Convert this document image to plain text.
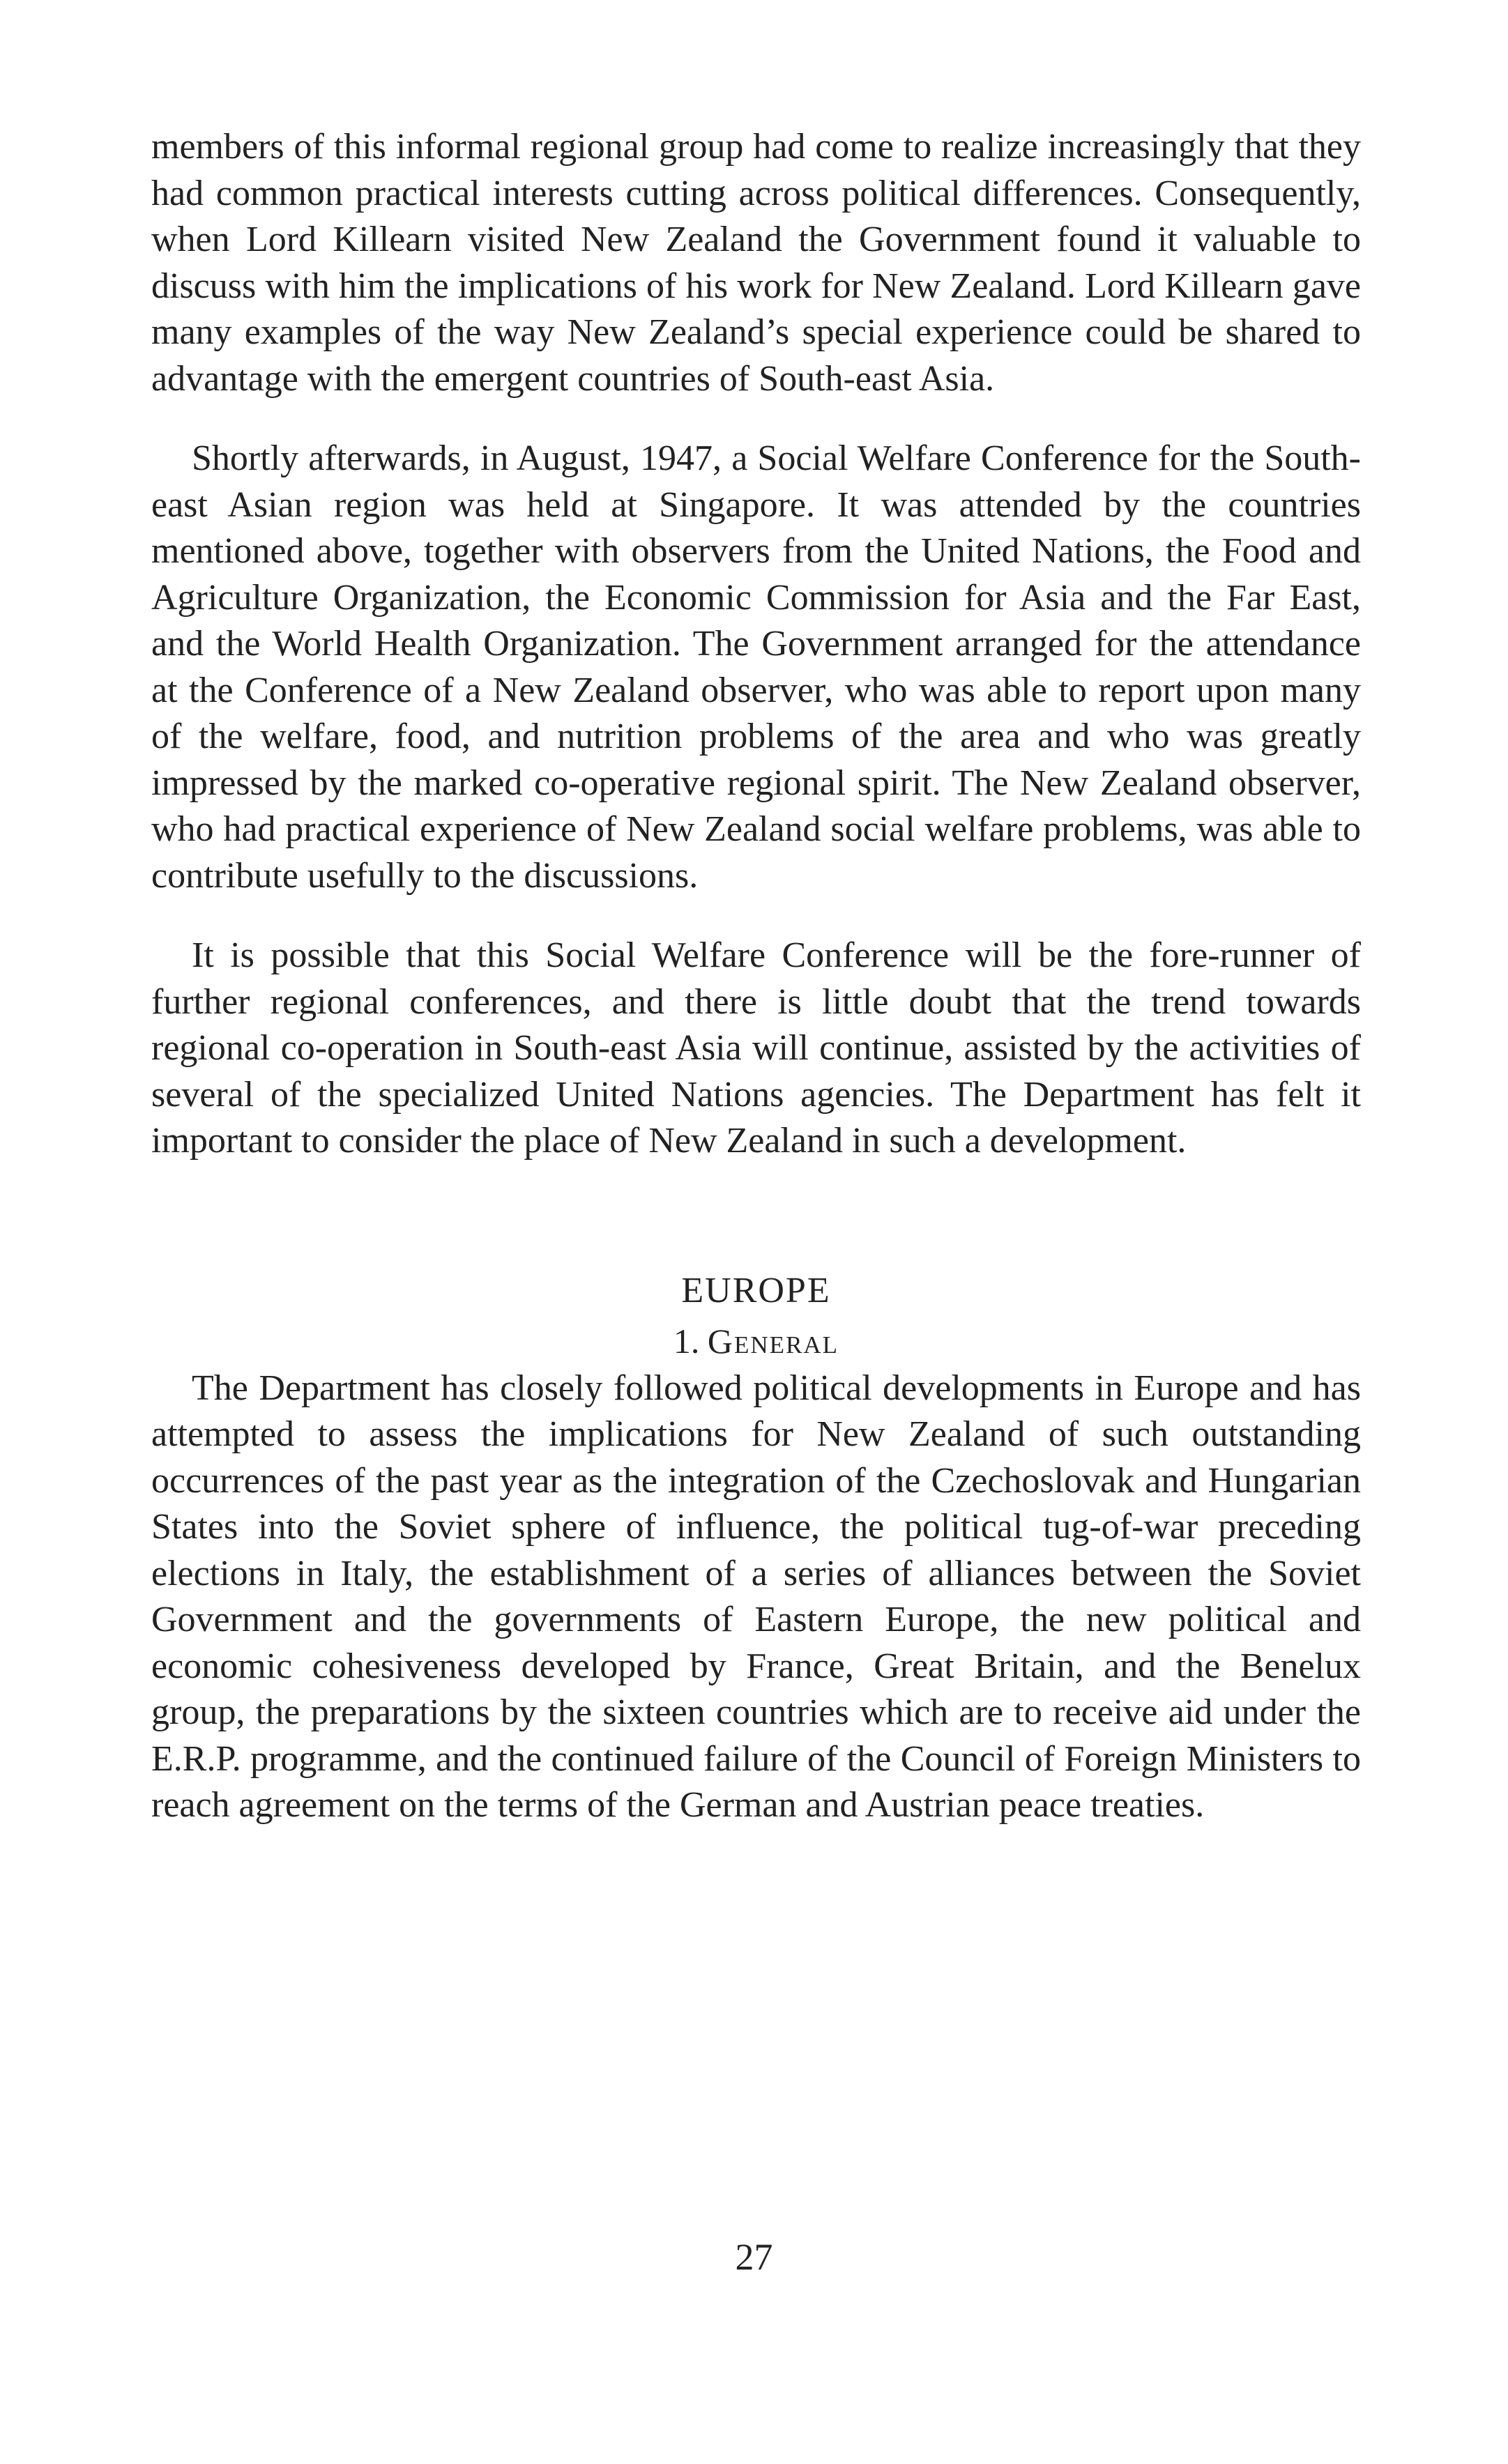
members of this informal regional group had come to realize increasingly that they had common practical interests cutting across political differences. Consequently, when Lord Killearn visited New Zealand the Government found it valuable to discuss with him the implications of his work for New Zealand. Lord Killearn gave many examples of the way New Zealand’s special experience could be shared to advantage with the emergent countries of South-east Asia.

Shortly afterwards, in August, 1947, a Social Welfare Conference for the South-east Asian region was held at Singapore. It was attended by the countries mentioned above, together with observers from the United Nations, the Food and Agriculture Organization, the Economic Commission for Asia and the Far East, and the World Health Organization. The Government arranged for the attendance at the Conference of a New Zealand observer, who was able to report upon many of the welfare, food, and nutrition problems of the area and who was greatly impressed by the marked co-operative regional spirit. The New Zealand observer, who had practical experience of New Zealand social welfare problems, was able to contribute usefully to the discussions.

It is possible that this Social Welfare Conference will be the fore-runner of further regional conferences, and there is little doubt that the trend towards regional co-operation in South-east Asia will continue, assisted by the activities of several of the specialized United Nations agencies. The Department has felt it important to consider the place of New Zealand in such a development.

EUROPE
1. General

The Department has closely followed political developments in Europe and has attempted to assess the implications for New Zealand of such outstanding occurrences of the past year as the integration of the Czechoslovak and Hungarian States into the Soviet sphere of influence, the political tug-of-war preceding elections in Italy, the establishment of a series of alliances between the Soviet Government and the governments of Eastern Europe, the new political and economic cohesiveness developed by France, Great Britain, and the Benelux group, the preparations by the sixteen countries which are to receive aid under the E.R.P. programme, and the continued failure of the Council of Foreign Ministers to reach agreement on the terms of the German and Austrian peace treaties.

27
